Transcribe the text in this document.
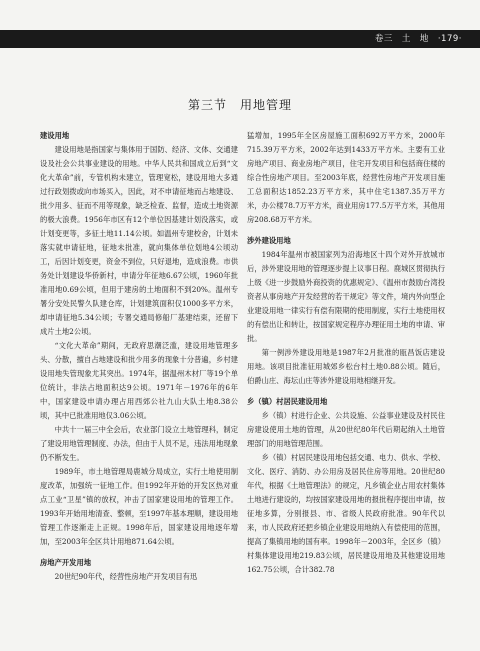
卷三　土　地　·179·
第三节　用地管理
建设用地

建设用地是指国家与集体用于国防、经济、文体、交通建设及社会公共事业建设的用地。中华人民共和国成立后到“文化大革命”前，专管机构未建立，管理宽松，建设用地大多通过行政划拨或向市场买入，因此，对不申请征地而占地建设、批少用多、征而不用等现象，缺乏检查、监督，造成土地资源的极大浪费。1956年市区有12个单位因基建计划没落实，或计划变更等，多征土地11.14公顷。如温州专建校舍，计划未落实就申请征地，征地未批准，就向集体单位划地4公顷动工，后因计划变更，资金不到位，只好退地，造成浪费。市供务处计划建设华侨新村，申请分年征地6.67公顷，1960年批准用地0.69公顷，但用于建房的土地面积不到20%。温州专署分安处民警久队建仓库，计划建筑面积仅1000多平方米，却申请征地5.34公顷；专署交通局修船厂基建结束，还留下成片土地2公顷。

“文化大革命”期间，无政府思潮泛滥，建设用地管理多头、分散，擅自占地建设和批少用多的现象十分普遍，乡村建设用地失管现象尤其突出。1974年，据温州木材厂等19个单位统计，非法占地面积达9公顷。1971年－1976年的6年中，国家建设申请办理占用西郊公社九山大队土地8.38公顷，其中已批准用地仅3.06公顷。

中共十一届三中全会后，农业部门设立土地管理科，制定了建设用地管理制度、办法，但由于人员不足，违法用地现象仍不断发生。

1989年，市土地管理局鹿城分局成立，实行土地使用制度改革，加强统一征地工作。但1992年开始的开发区热对重点工业“卫星”镇的放权，冲击了国家建设用地的管理工作。1993年开始用地清查、整顿，至1997年基本理顺，建设用地管理工作逐渐走上正规。1998年后，国家建设用地逐年增加，至2003年全区共计用地871.64公顷。

房地产开发用地

20世纪90年代，经营性房地产开发项目有迅

猛增加，1995年全区房屋施工面积692万平方米，2000年715.39万平方米，2002年达到1433万平方米。主要有工业房地产项目、商业房地产项目，住宅开发项目和包括商住楼的综合性房地产项目。至2003年底，经营性房地产开发项目施工总面积达1852.23万平方米，其中住宅1387.35万平方米，办公楼78.7万平方米，商业用房177.5万平方米，其他用房208.68万平方米。

涉外建设用地

1984年温州市被国家列为沿海地区十四个对外开放城市后，涉外建设用地的管理逐步提上议事日程。鹿城区贯彻执行上级《进一步鼓励外商投资的优惠规定》、《温州市鼓励台湾投资者从事房地产开发经营的若干规定》等文件，境内外向型企业建设用地一律实行有偿有限期的使用制度，实行土地使用权的有偿出让和转让，按国家规定程序办理征用土地的申请、审批。

第一例涉外建设用地是1987年2月批准的瓯昌饭店建设用地。该项目批准征用城郊乡松台村土地0.88公顷。随后，伯爵山庄、海坛山庄等涉外建设用地相继开发。

乡（镇）村居民建设用地

乡（镇）村进行企业、公共设施、公益事业建设及村民住房建设使用土地的管理，从20世纪80年代后期起纳入土地管理部门的用地管理范围。

乡（镇）村居民建设用地包括交通、电力、供水、学校、文化、医疗、消防、办公用房及居民住房等用地。20世纪80年代，根据《土地管理法》的规定，凡乡镇企业占用农村集体土地进行建设的，均按国家建设用地的报批程序提出申请，按征地多算，分别报县、市、省级人民政府批准。90年代以来，市人民政府还把乡镇企业建设用地纳入有偿使用的范围，提高了集镇用地的国有率。1998年－2003年，全区乡（镇）村集体建设用地219.83公顷，居民建设用地及其他建设用地162.75公顷，合计382.78
